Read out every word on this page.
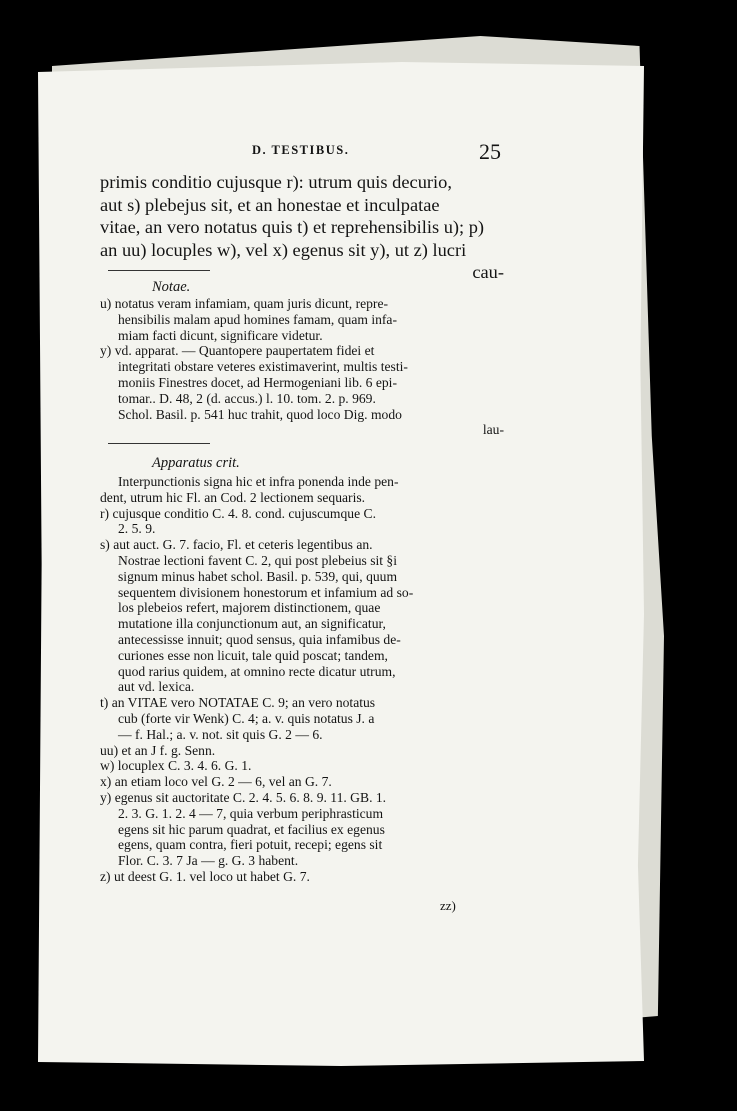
D. TESTIBUS.	25
primis conditio cujusque r): utrum quis decurio,
aut s) plebejus sit, et an honestae et inculpatae
vitae, an vero notatus quis t) et reprehensibilis u); p)
an uu) locuples w), vel x) egenus sit y), ut z) lucri
cau-
Notae.
u) notatus veram infamiam, quam juris dicunt, repre-
hensibilis malam apud homines famam, quam infa-
miam facti dicunt, significare videtur.
y) vd. apparat. — Quantopere paupertatem fidei et
integritati obstare veteres existimaverint, multis testi-
moniis Finestres docet, ad Hermogeniani lib. 6 epi-
tomar.. D. 48, 2 (d. accus.) l. 10. tom. 2. p. 969.
Schol. Basil. p. 541 huc trahit, quod loco Dig. modo
lau-
Apparatus crit.
Interpunctionis signa hic et infra ponenda inde pen-
dent, utrum hic Fl. an Cod. 2 lectionem sequaris.
r) cujusque conditio C. 4. 8. cond. cujuscumque C.
2. 5. 9.
s) aut auct. G. 7. facio, Fl. et ceteris legentibus an.
Nostrae lectioni favent C. 2, qui post plebeius sit §i
signum minus habet schol. Basil. p. 539, qui, quum
sequentem divisionem honestorum et infamium ad so-
los plebeios refert, majorem distinctionem, quae
mutatione illa conjunctionum aut, an significatur,
antecessisse innuit; quod sensus, quia infamibus de-
curiones esse non licuit, tale quid poscat; tandem,
quod rarius quidem, at omnino recte dicatur utrum,
aut vd. lexica.
t) an VITAE vero NOTATAE C. 9; an vero notatus
cub (forte vir Wenk) C. 4; a. v. quis notatus J. a
— f. Hal.; a. v. not. sit quis G. 2 — 6.
uu) et an J f. g. Senn.
w) locuplex C. 3. 4. 6. G. 1.
x) an etiam loco vel G. 2 — 6, vel an G. 7.
y) egenus sit auctoritate C. 2. 4. 5. 6. 8. 9. 11. GB. 1.
2. 3. G. 1. 2. 4 — 7, quia verbum periphrasticum
egens sit hic parum quadrat, et facilius ex egenus
egens, quam contra, fieri potuit, recepi; egens sit
Flor. C. 3. 7 Ja — g. G. 3 habent.
z) ut deest G. 1. vel loco ut habet G. 7.
zz)
